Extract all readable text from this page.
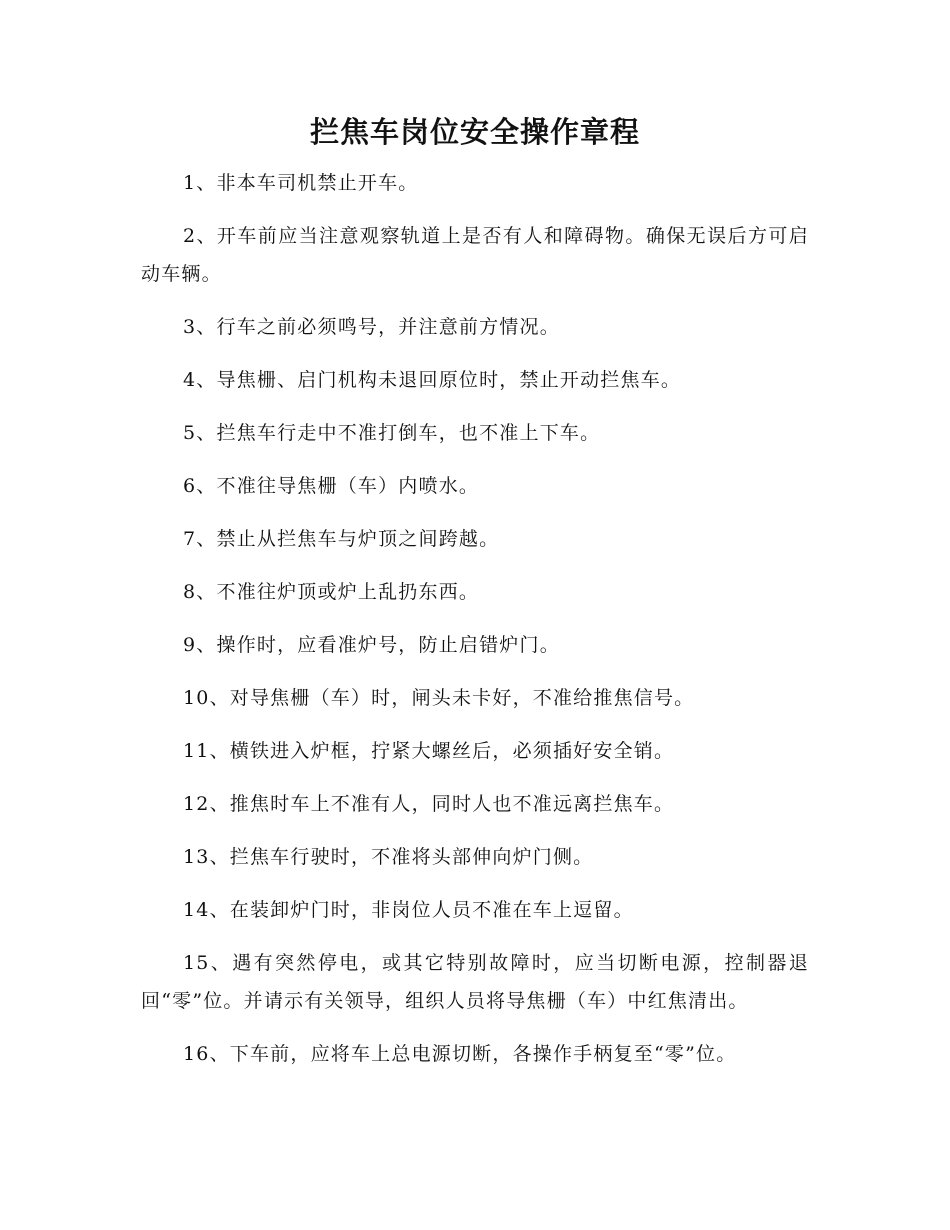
拦焦车岗位安全操作章程

1、非本车司机禁止开车。

2、开车前应当注意观察轨道上是否有人和障碍物。确保无误后方可启动车辆。

3、行车之前必须鸣号，并注意前方情况。

4、导焦栅、启门机构未退回原位时，禁止开动拦焦车。

5、拦焦车行走中不准打倒车，也不准上下车。

6、不准往导焦栅（车）内喷水。

7、禁止从拦焦车与炉顶之间跨越。

8、不准往炉顶或炉上乱扔东西。

9、操作时，应看准炉号，防止启错炉门。

10、对导焦栅（车）时，闸头未卡好，不准给推焦信号。

11、横铁进入炉框，拧紧大螺丝后，必须插好安全销。

12、推焦时车上不准有人，同时人也不准远离拦焦车。

13、拦焦车行驶时，不准将头部伸向炉门侧。

14、在装卸炉门时，非岗位人员不准在车上逗留。

15、遇有突然停电，或其它特别故障时，应当切断电源，控制器退回“零”位。并请示有关领导，组织人员将导焦栅（车）中红焦清出。

16、下车前，应将车上总电源切断，各操作手柄复至“零”位。
